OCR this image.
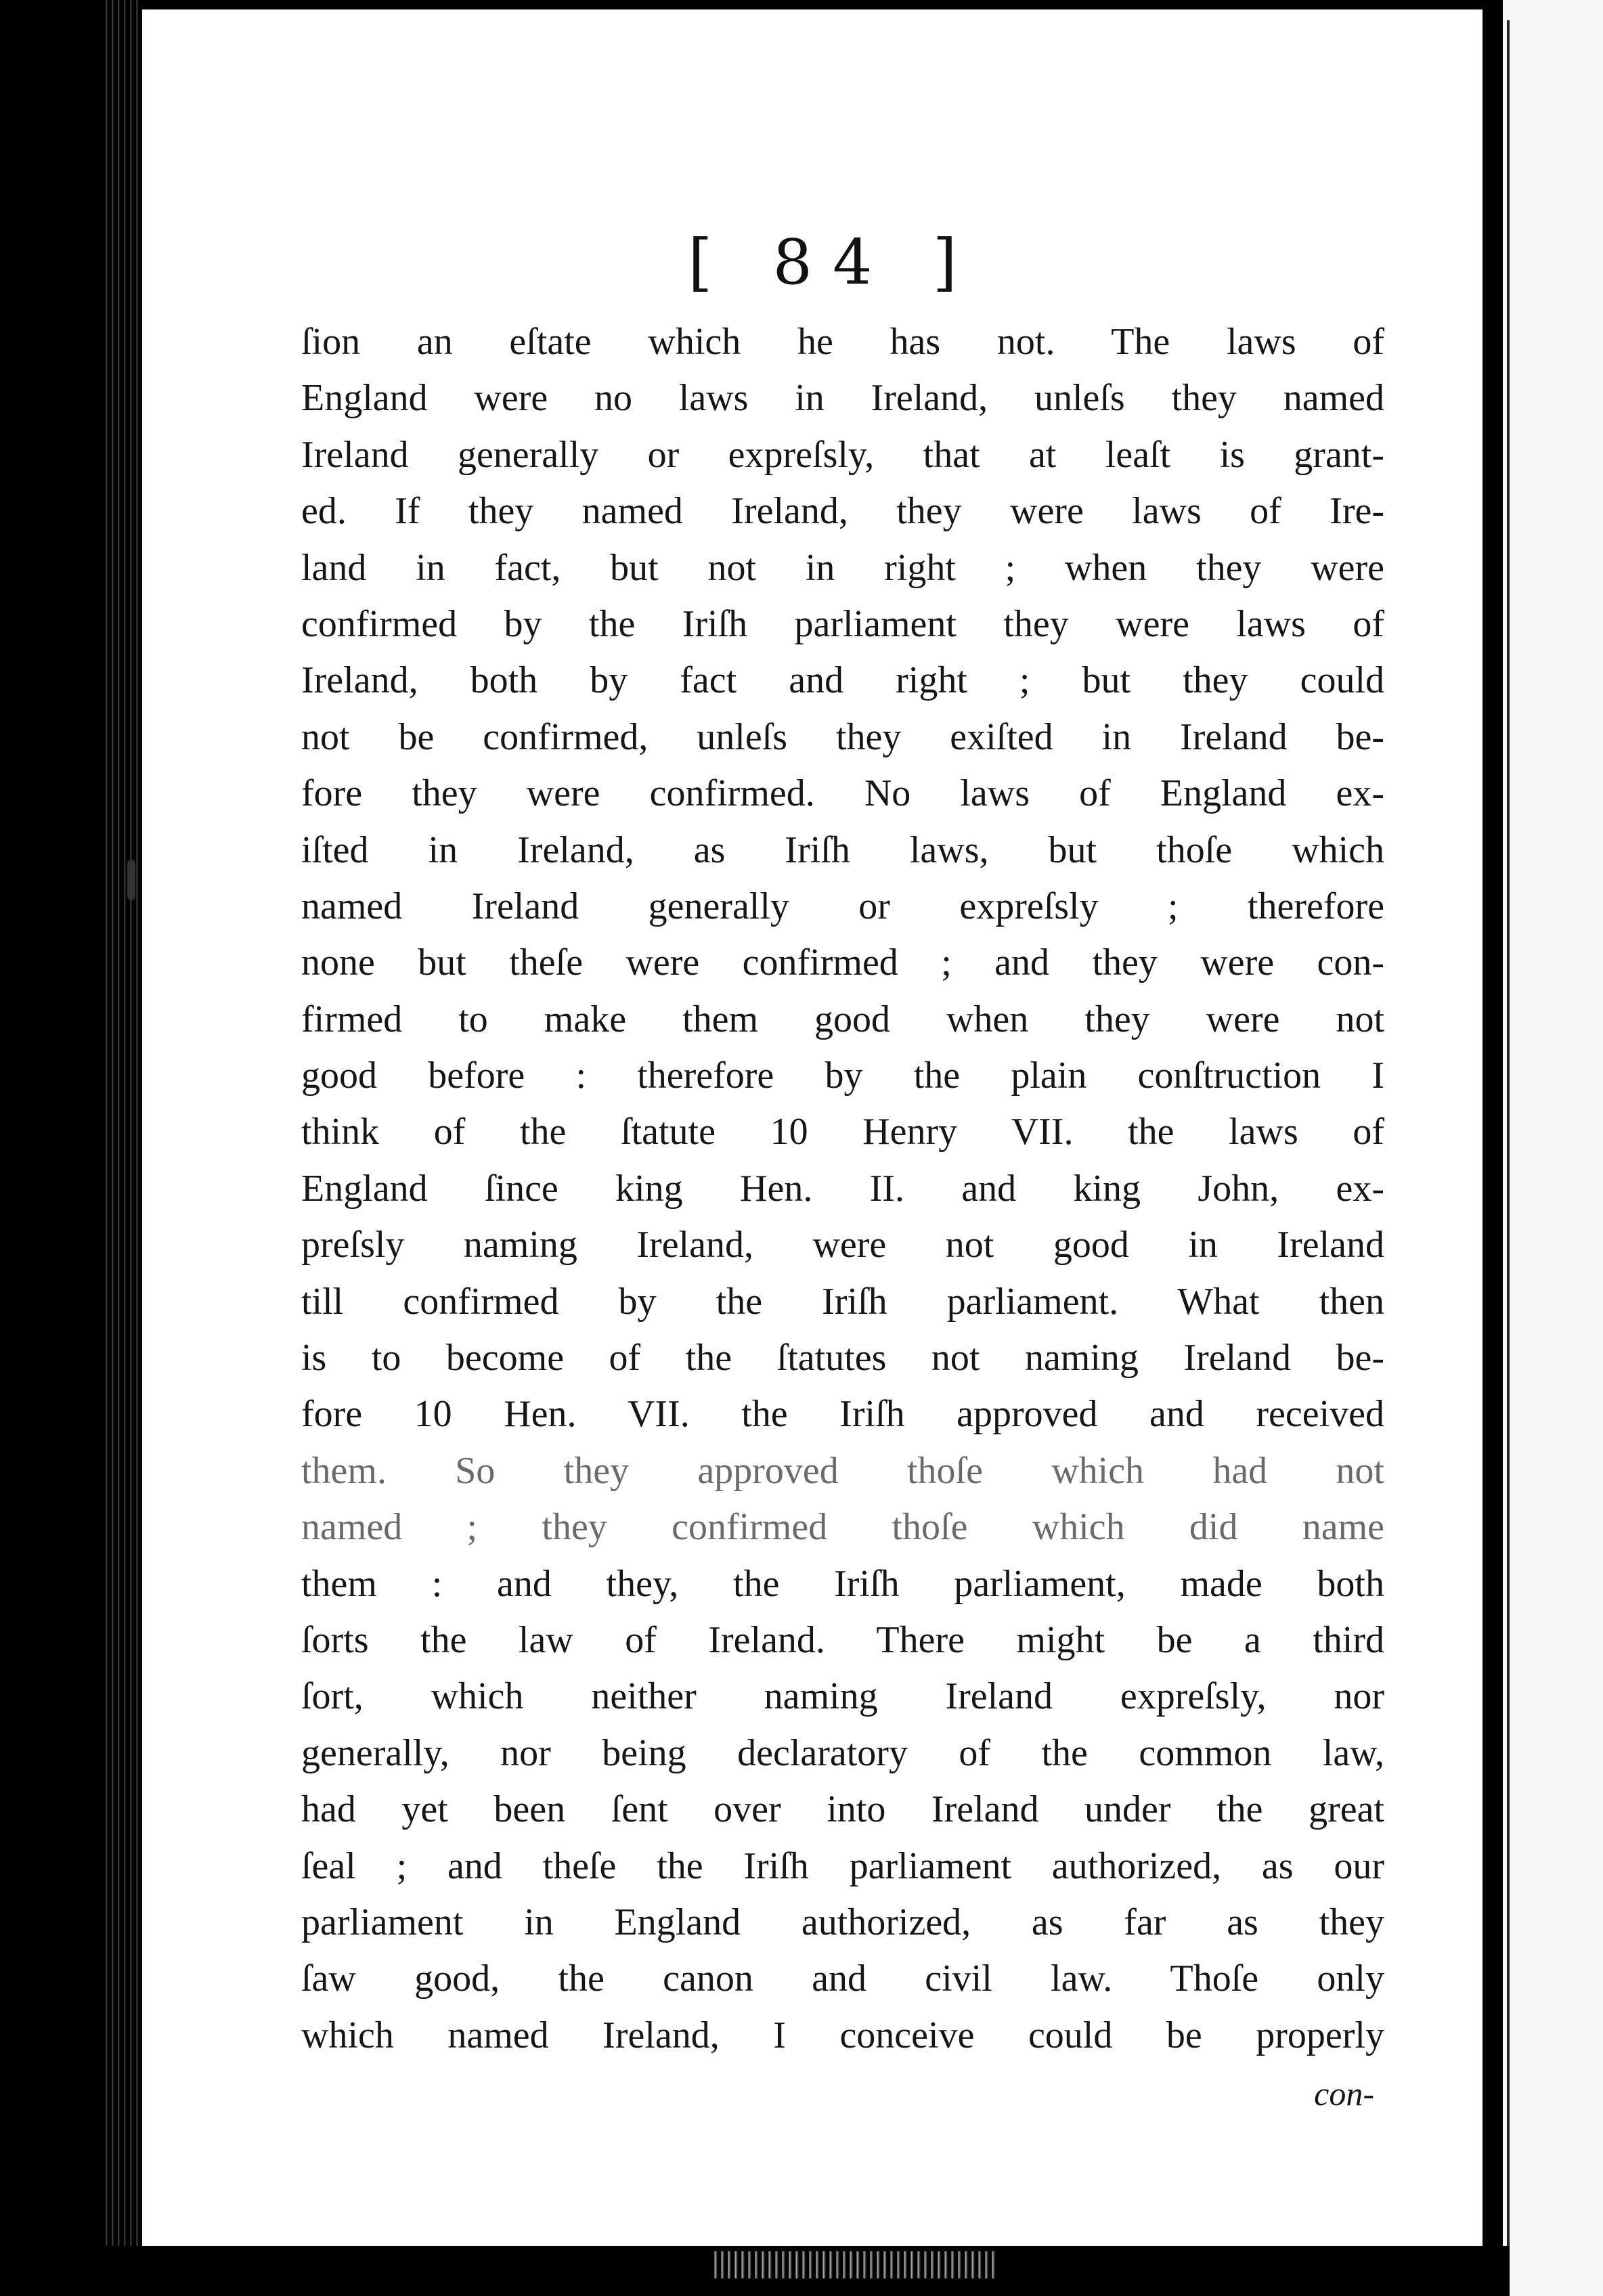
[ 84 ]
ſion an eſtate which he has not. The laws of
England were no laws in Ireland, unleſs they named
Ireland generally or expreſsly, that at leaſt is grant-
ed. If they named Ireland, they were laws of Ire-
land in fact, but not in right ; when they were
confirmed by the Iriſh parliament they were laws of
Ireland, both by fact and right ; but they could
not be confirmed, unleſs they exiſted in Ireland be-
fore they were confirmed. No laws of England ex-
iſted in Ireland, as Iriſh laws, but thoſe which
named Ireland generally or expreſsly ; therefore
none but theſe were confirmed ; and they were con-
firmed to make them good when they were not
good before : therefore by the plain conſtruction I
think of the ſtatute 10 Henry VII. the laws of
England ſince king Hen. II. and king John, ex-
preſsly naming Ireland, were not good in Ireland
till confirmed by the Iriſh parliament. What then
is to become of the ſtatutes not naming Ireland be-
fore 10 Hen. VII. the Iriſh approved and received
them. So they approved thoſe which had not
named ; they confirmed thoſe which did name
them : and they, the Iriſh parliament, made both
ſorts the law of Ireland. There might be a third
ſort, which neither naming Ireland expreſsly, nor
generally, nor being declaratory of the common law,
had yet been ſent over into Ireland under the great
ſeal ; and theſe the Iriſh parliament authorized, as our
parliament in England authorized, as far as they
ſaw good, the canon and civil law. Thoſe only
which named Ireland, I conceive could be properly
con-
